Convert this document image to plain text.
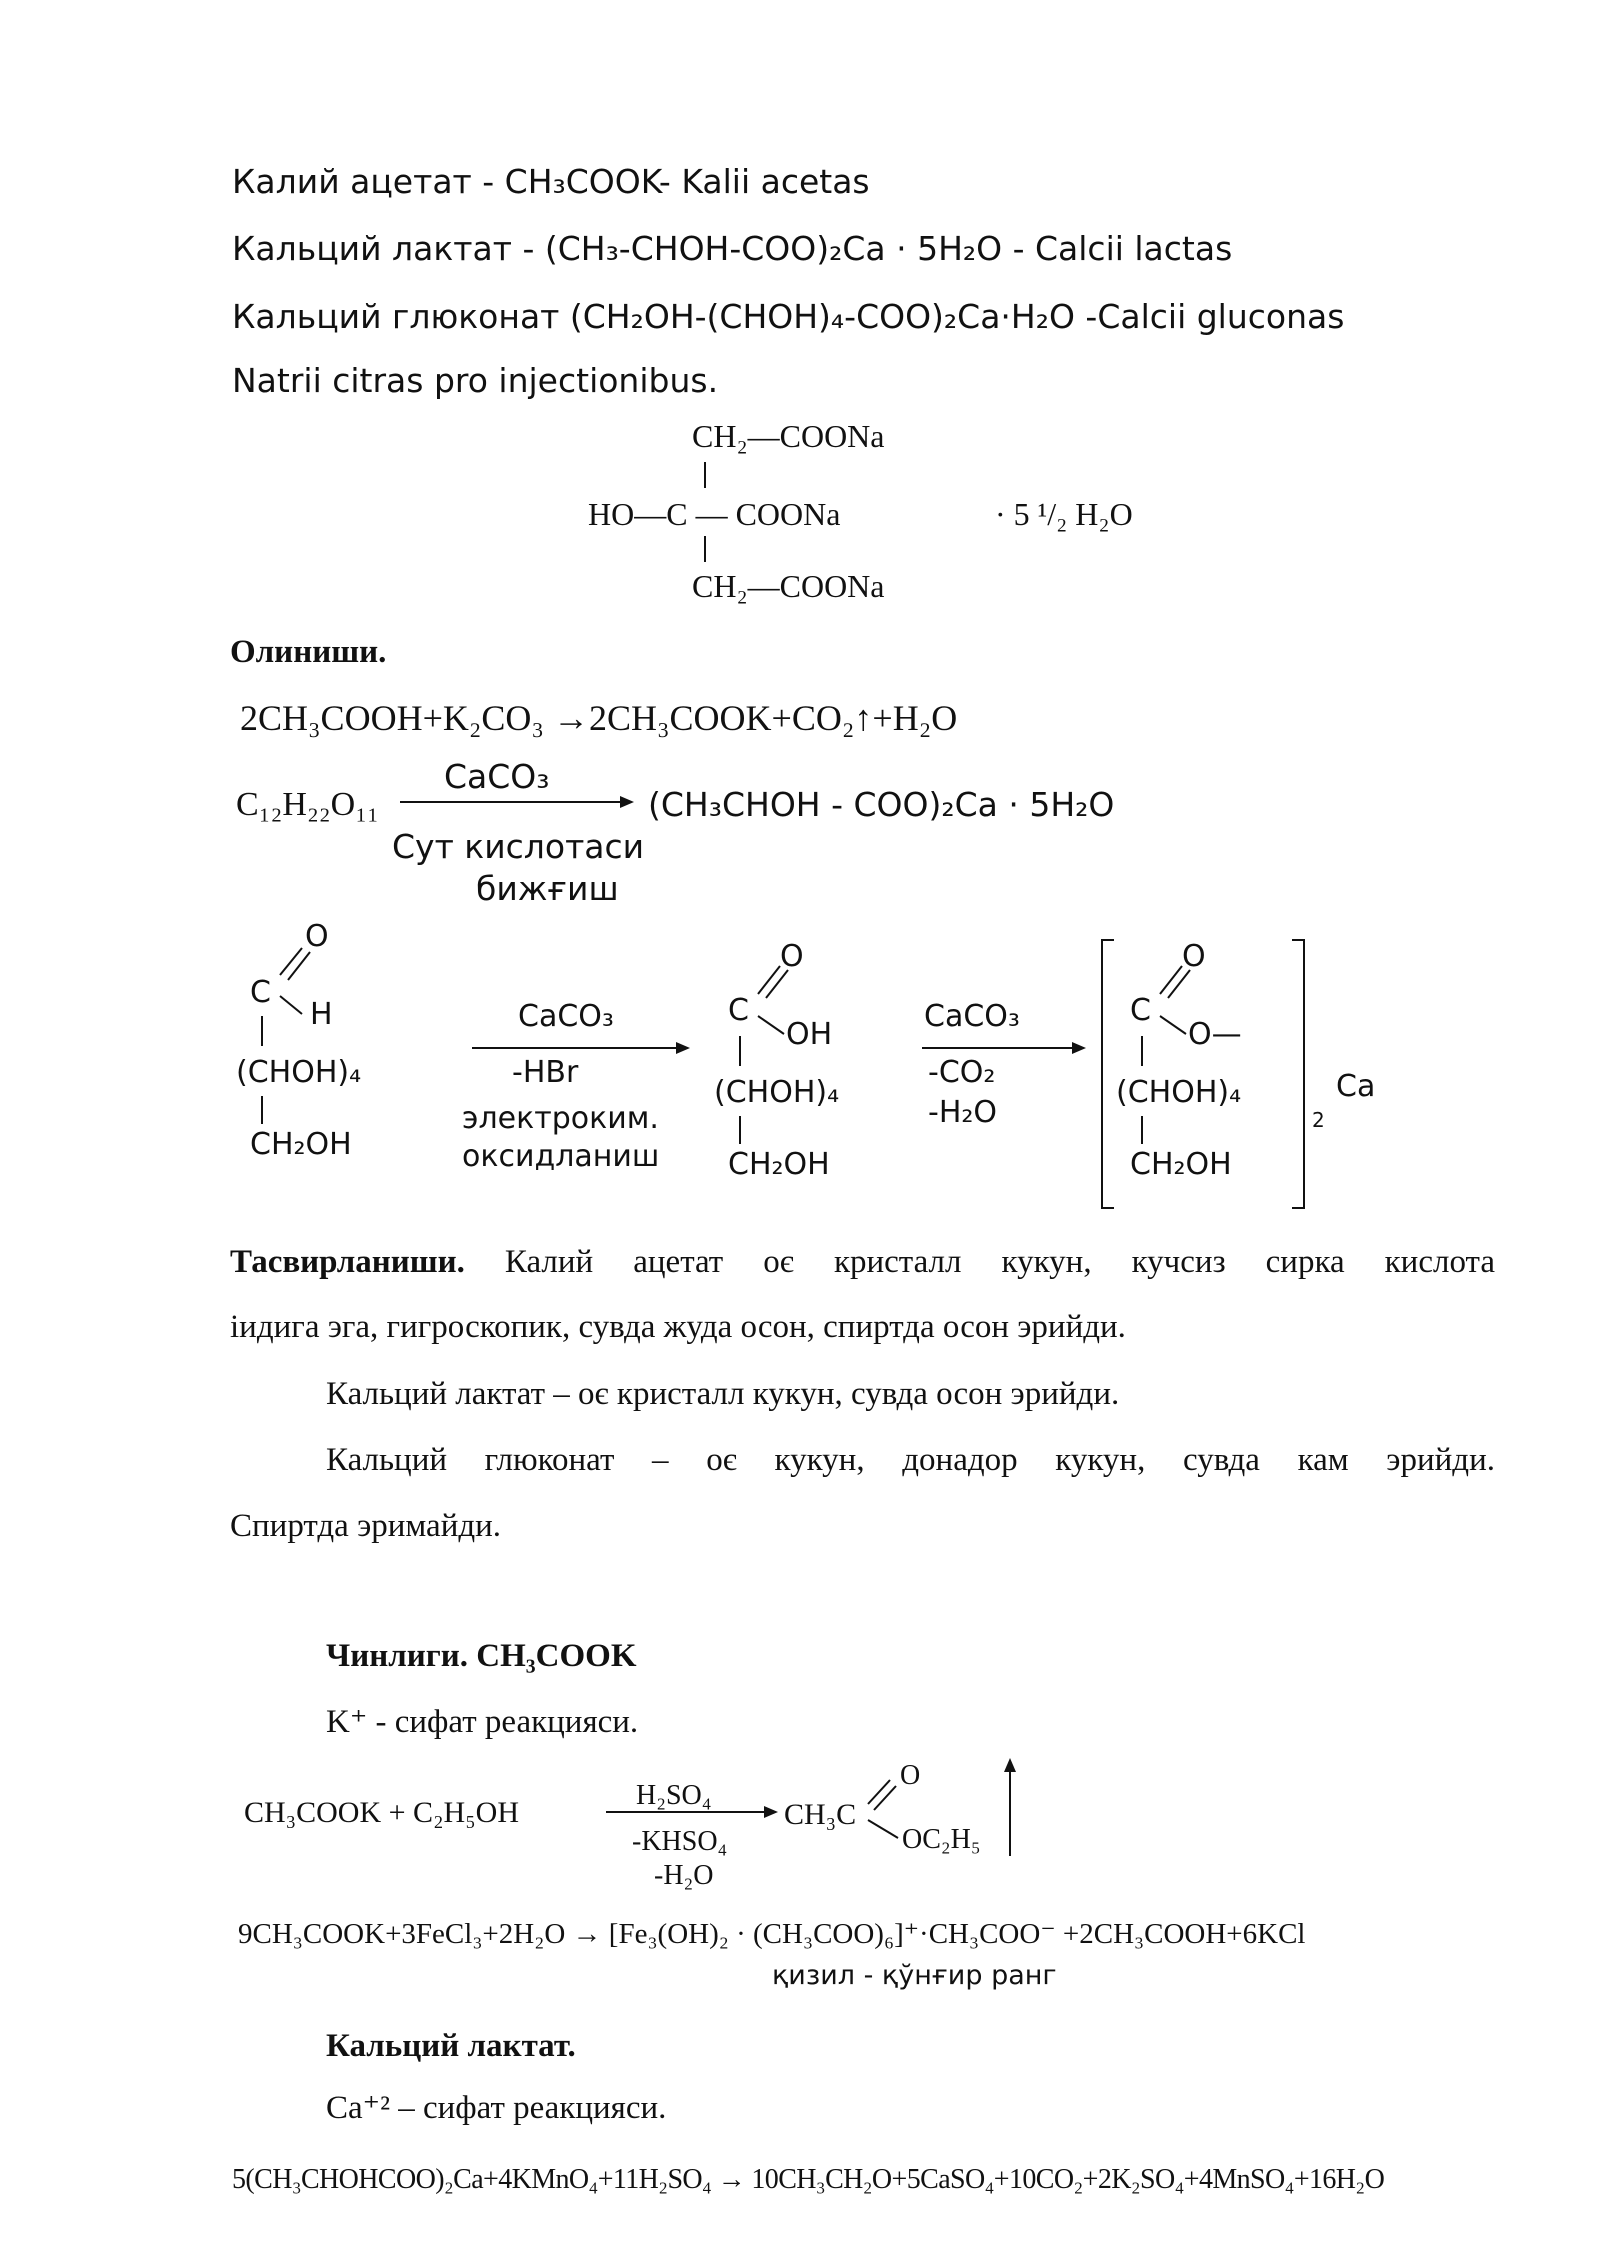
Калий ацетат - CH₃COOK- Kalii acetas
Кальций лактат - (CH₃-CHOH-COO)₂Ca · 5H₂O - Calcii lactas
Кальций глюконат (CH₂OH-(CHOH)₄-COO)₂Ca·H₂O -Calcii gluconas
Natrii citras pro injectionibus.
CH₂—COONa
HO—C — COONa	· 5 ¹/₂ H₂O
CH₂—COONa
Олиниши.
2CH₃COOH+K₂CO₃ →2CH₃COOK+CO₂↑+H₂O
C₁₂H₂₂O₁₁
CaCO₃
(CH₃CHOH - COO)₂Ca · 5H₂O
Сут кислотаси
бижғиш
O
C
H
(CHOH)₄
CH₂OH
CaCO₃
-HBr
электроким.
оксидланиш
O
C
OH
(CHOH)₄
CH₂OH
CaCO₃
-CO₂
-H₂O
O
C
O—
(CHOH)₄
CH₂OH
2
Ca
Тасвирланиши. Калий ацетат оє кристалл кукун, кучсиз сирка кислота
іидига эга, гигроскопик, сувда жуда осон, спиртда осон эрийди.
Кальций лактат – оє кристалл кукун, сувда осон эрийди.
Кальций глюконат – оє кукун, донадор кукун, сувда кам эрийди.
Спиртда эримайди.
Чинлиги. CH₃COOK
K⁺ - сифат реакцияси.
CH₃COOK + C₂H₅OH
H₂SO₄
-KHSO₄
-H₂O
O
CH₃C
OC₂H₅
9CH₃COOK+3FeCl₃+2H₂O → [Fe₃(OH)₂ · (CH₃COO)₆]⁺·CH₃COO⁻ +2CH₃COOH+6KCl
қизил - қўнғир ранг
Кальций лактат.
Ca⁺² – сифат реакцияси.
5(CH₃CHOHCOO)₂Ca+4KMnO₄+11H₂SO₄ → 10CH₃CH₂O+5CaSO₄+10CO₂+2K₂SO₄+4MnSO₄+16H₂O
